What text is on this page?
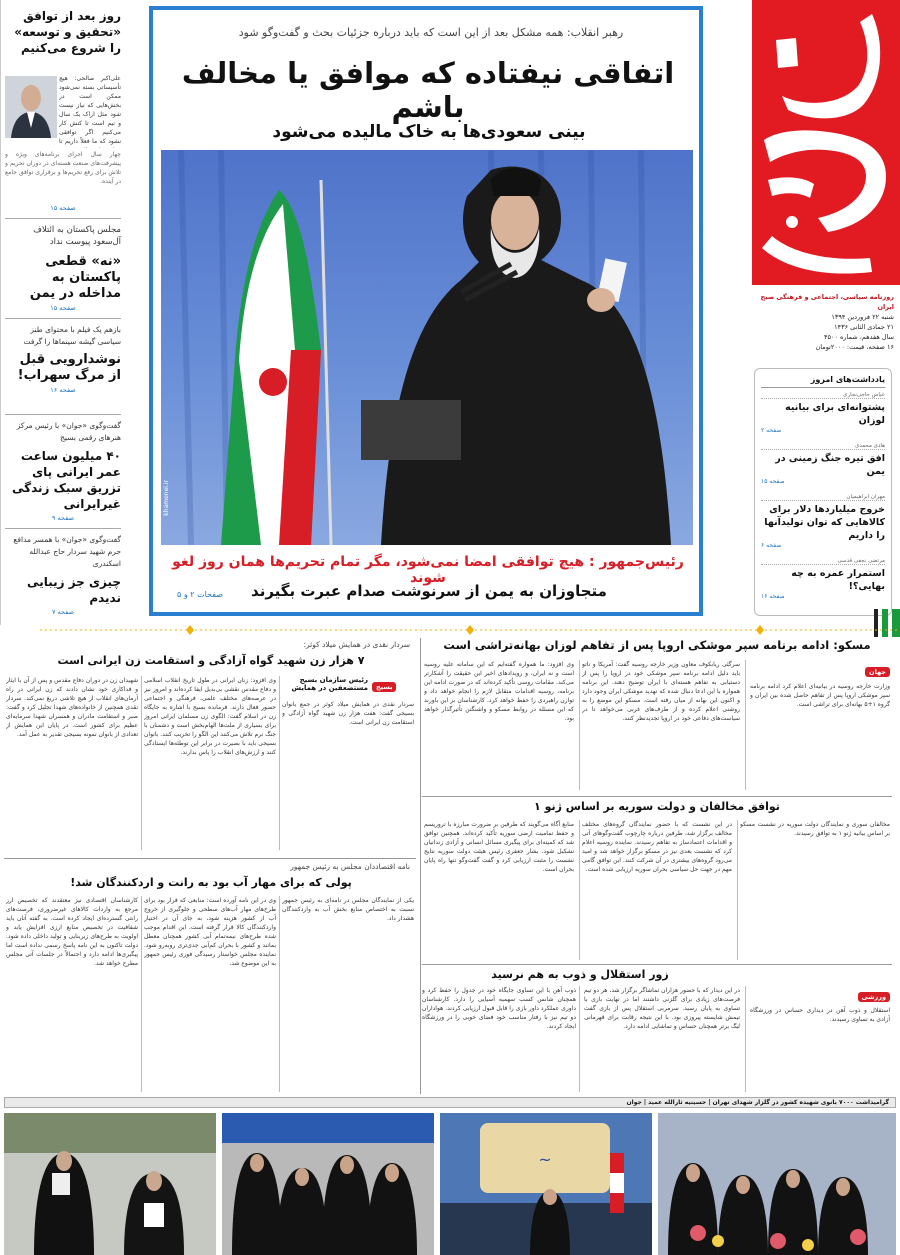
روزنامه سیاسی، اجتماعی و فرهنگی صبح ایران
شنبه ۲۲ فروردین ۱۳۹۴
۲۱ جمادی الثانی ۱۴۳۶
سال هفدهم، شماره ۴۵۰۰
۱۶ صفحه، قیمت: ۲۰۰۰تومان
یادداشت‌های امروز
عباس حاجی‌نجاری
پشتوانه‌ای برای بیانیه لوزان
صفحه ۲
هادی محمدی
افق تیره جنگ زمینی در یمن
صفحه ۱۵
مهران ابراهیمیان
خروج میلیاردها دلار برای کالاهایی که توان تولیدآنها را داریم
صفحه ۶
مرتضی نجفی قدسی
استمرار عمره به چه بهایی؟!
صفحه ۱۶
رهبر انقلاب: همه مشکل بعد از این است که باید درباره جزئیات بحث و گفت‌وگو شود
اتفاقی نیفتاده که موافق یا مخالف باشم
بینی سعودی‌ها به خاک مالیده می‌شود
khamenei.ir
رئیس‌جمهور : هیچ توافقی امضا نمی‌شود، مگر تمام تحریم‌ها همان روز لغو شوند
متجاوزان به یمن از سرنوشت صدام عبرت بگیرند
صفحات ۲ و ۵
روز بعد از توافق «تحقیق و توسعه» را شروع می‌کنیم
علی‌اکبر صالحی: هیچ تأسیساتی بسته نمی‌شود ممکن است در بخش‌هایی که نیاز نیست شود مثل اراک یک سال و نیم است تا کنش کار می‌کنیم اگر توافقی نشود که ما فعلاً داریم تا
چهار سال اجرای برنامه‌های ویژه و پیشرفت‌های صنعت هسته‌ای در دوران تحریم و تلاش برای رفع تحریم‌ها و برقراری توافق جامع در آینده.
صفحه ۱۵
مجلس پاکستان به ائتلاف آل‌سعود پیوست نداد
«نه» قطعی پاکستان به مداخله در یمن
صفحه ۱۵
بازهم یک فیلم با محتوای طنز سیاسی گیشه سینماها را گرفت
نوشدارویی قبل از مرگ سهراب!
صفحه ۱۶
گفت‌وگوی «جوان» با رئیس مرکز هنرهای رقمی بسیج
۴۰ میلیون ساعت عمر ایرانی پای تزریق سبک زندگی غیرایرانی
صفحه ۹
گفت‌وگوی «جوان» با همسر مدافع حرم شهید سردار حاج عبدالله اسکندری
چیزی جز زیبایی ندیدم
صفحه ۷
مسکو: ادامه برنامه سپر موشکی اروپا پس از تفاهم لوزان بهانه‌تراشی است
جهان
وزارت خارجه روسیه در بیانیه‌ای اعلام کرد ادامه برنامه سپر موشکی اروپا پس از تفاهم حاصل شده بین ایران و گروه ۱+۵ بهانه‌ای برای تراشی است.
سرگئی ریابکوف معاون وزیر خارجه روسیه گفت: آمریکا و ناتو باید دلیل ادامه برنامه سپر موشکی خود در اروپا را پس از دستیابی به تفاهم هسته‌ای با ایران توضیح دهند. این برنامه همواره با این ادعا دنبال شده که تهدید موشکی ایران وجود دارد و اکنون این بهانه از میان رفته است. مسکو این موضع را به روشنی اعلام کرده و از طرف‌های غربی می‌خواهد تا در سیاست‌های دفاعی خود در اروپا تجدیدنظر کنند.
وی افزود: ما همواره گفته‌ایم که این سامانه علیه روسیه است و نه ایران، و رویدادهای اخیر این حقیقت را آشکارتر می‌کند. مقامات روسی تأکید کرده‌اند که در صورت ادامه این برنامه، روسیه اقدامات متقابل لازم را انجام خواهد داد و توازن راهبردی را حفظ خواهد کرد. کارشناسان بر این باورند که این مسئله در روابط مسکو و واشنگتن تأثیرگذار خواهد بود.
توافق مخالفان و دولت سوریه بر اساس ژنو ۱
مخالفان سوری و نمایندگان دولت سوریه در نشست مسکو بر اساس بیانیه ژنو ۱ به توافق رسیدند.
در این نشست که با حضور نمایندگان گروه‌های مختلف مخالف برگزار شد، طرفین درباره چارچوب گفت‌وگوهای آتی و اقدامات اعتمادساز به تفاهم رسیدند. نماینده روسیه اعلام کرد که نشست بعدی نیز در مسکو برگزار خواهد شد و امید می‌رود گروه‌های بیشتری در آن شرکت کنند. این توافق گامی مهم در جهت حل سیاسی بحران سوریه ارزیابی شده است.
منابع آگاه می‌گویند که طرفین بر ضرورت مبارزه با تروریسم و حفظ تمامیت ارضی سوریه تأکید کرده‌اند. همچنین توافق شد که کمیته‌ای برای پیگیری مسائل انسانی و آزادی زندانیان تشکیل شود. بشار جعفری رئیس هیئت دولت سوریه نتایج نشست را مثبت ارزیابی کرد و گفت گفت‌وگو تنها راه پایان بحران است.
زور استقلال و ذوب به هم نرسید
ورزشی
استقلال و ذوب آهن در دیداری حساس در ورزشگاه آزادی به تساوی رسیدند.
در این دیدار که با حضور هزاران تماشاگر برگزار شد، هر دو تیم فرصت‌های زیادی برای گلزنی داشتند اما در نهایت بازی با تساوی به پایان رسید. سرمربی استقلال پس از بازی گفت تیمش شایسته پیروزی بود. با این نتیجه رقابت برای قهرمانی لیگ برتر همچنان حساس و تماشایی ادامه دارد.
ذوب آهن با این تساوی جایگاه خود در جدول را حفظ کرد و همچنان شانس کسب سهمیه آسیایی را دارد. کارشناسان داوری عملکرد داور بازی را قابل قبول ارزیابی کردند. هواداران دو تیم نیز با رفتار مناسب خود فضای خوبی را در ورزشگاه ایجاد کردند.
سردار نقدی در همایش میلاد کوثر:
۷ هزار زن شهید گواه آزادگی و استقامت زن ایرانی است
بسیج
رئیس سازمان بسیج مستضعفین در همایش
سردار نقدی در همایش میلاد کوثر در جمع بانوان بسیجی گفت: هفت هزار زن شهید گواه آزادگی و استقامت زن ایرانی است.
وی افزود: زنان ایرانی در طول تاریخ انقلاب اسلامی و دفاع مقدس نقشی بی‌بدیل ایفا کرده‌اند و امروز نیز در عرصه‌های مختلف علمی، فرهنگی و اجتماعی حضور فعال دارند. فرمانده بسیج با اشاره به جایگاه زن در اسلام گفت: الگوی زن مسلمان ایرانی امروز برای بسیاری از ملت‌ها الهام‌بخش است و دشمنان با جنگ نرم تلاش می‌کنند این الگو را تخریب کنند. بانوان بسیجی باید با بصیرت در برابر این توطئه‌ها ایستادگی کنند و ارزش‌های انقلاب را پاس بدارند.
شهیدان زن در دوران دفاع مقدس و پس از آن با ایثار و فداکاری خود نشان دادند که زن ایرانی در راه آرمان‌های انقلاب از هیچ تلاشی دریغ نمی‌کند. سردار نقدی همچنین از خانواده‌های شهدا تجلیل کرد و گفت: صبر و استقامت مادران و همسران شهدا سرمایه‌ای عظیم برای کشور است. در پایان این همایش از تعدادی از بانوان نمونه بسیجی تقدیر به عمل آمد.
نامه اقتصاددان مجلس به رئیس جمهور
پولی که برای مهار آب بود به رانت و اردکنندگان شد!
یکی از نمایندگان مجلس در نامه‌ای به رئیس جمهور نسبت به اختصاص منابع بخش آب به واردکنندگان هشدار داد.
وی در این نامه آورده است: منابعی که قرار بود برای طرح‌های مهار آب‌های سطحی و جلوگیری از خروج آب از کشور هزینه شود، به جای آن در اختیار واردکنندگان کالا قرار گرفته است. این اقدام موجب شده طرح‌های نیمه‌تمام آبی کشور همچنان معطل بمانند و کشور با بحران کم‌آبی جدی‌تری روبه‌رو شود. نماینده مجلس خواستار رسیدگی فوری رئیس جمهور به این موضوع شد.
کارشناسان اقتصادی نیز معتقدند که تخصیص ارز مرجع به واردات کالاهای غیرضروری، فرصت‌های رانتی گسترده‌ای ایجاد کرده است. به گفته آنان باید شفافیت در تخصیص منابع ارزی افزایش یابد و اولویت به طرح‌های زیربنایی و تولید داخلی داده شود. دولت تاکنون به این نامه پاسخ رسمی نداده است اما پیگیری‌ها ادامه دارد و احتمالاً در جلسات آتی مجلس مطرح خواهد شد.
گرامیداشت ۷۰۰۰ بانوی شهیده کشور در گلزار شهدای تهران | حسینیه ثارالله عمید | جوان
~
